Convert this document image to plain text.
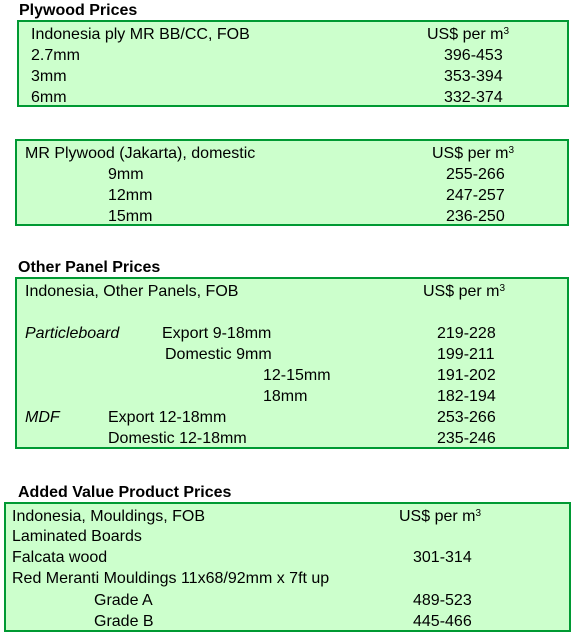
Plywood Prices
Indonesia ply MR BB/CC, FOB	US$ per $m^3$
2.7mm	396-453
3mm	353-394
6mm	332-374
MR Plywood (Jakarta), domestic	US$ per $m^3$
9mm	255-266
12mm	247-257
15mm	236-250
Other Panel Prices
Indonesia, Other Panels, FOB	US$ per $m^3$
Particleboard	Export 9-18mm	219-228
Domestic 9mm	199-211
12-15mm	191-202
18mm	182-194
MDF	Export 12-18mm	253-266
Domestic 12-18mm	235-246
Added Value Product Prices
Indonesia, Mouldings, FOB	US$ per $m^3$
Laminated Boards
Falcata wood	301-314
Red Meranti Mouldings 11x68/92mm x 7ft up
Grade A	489-523
Grade B	445-466
